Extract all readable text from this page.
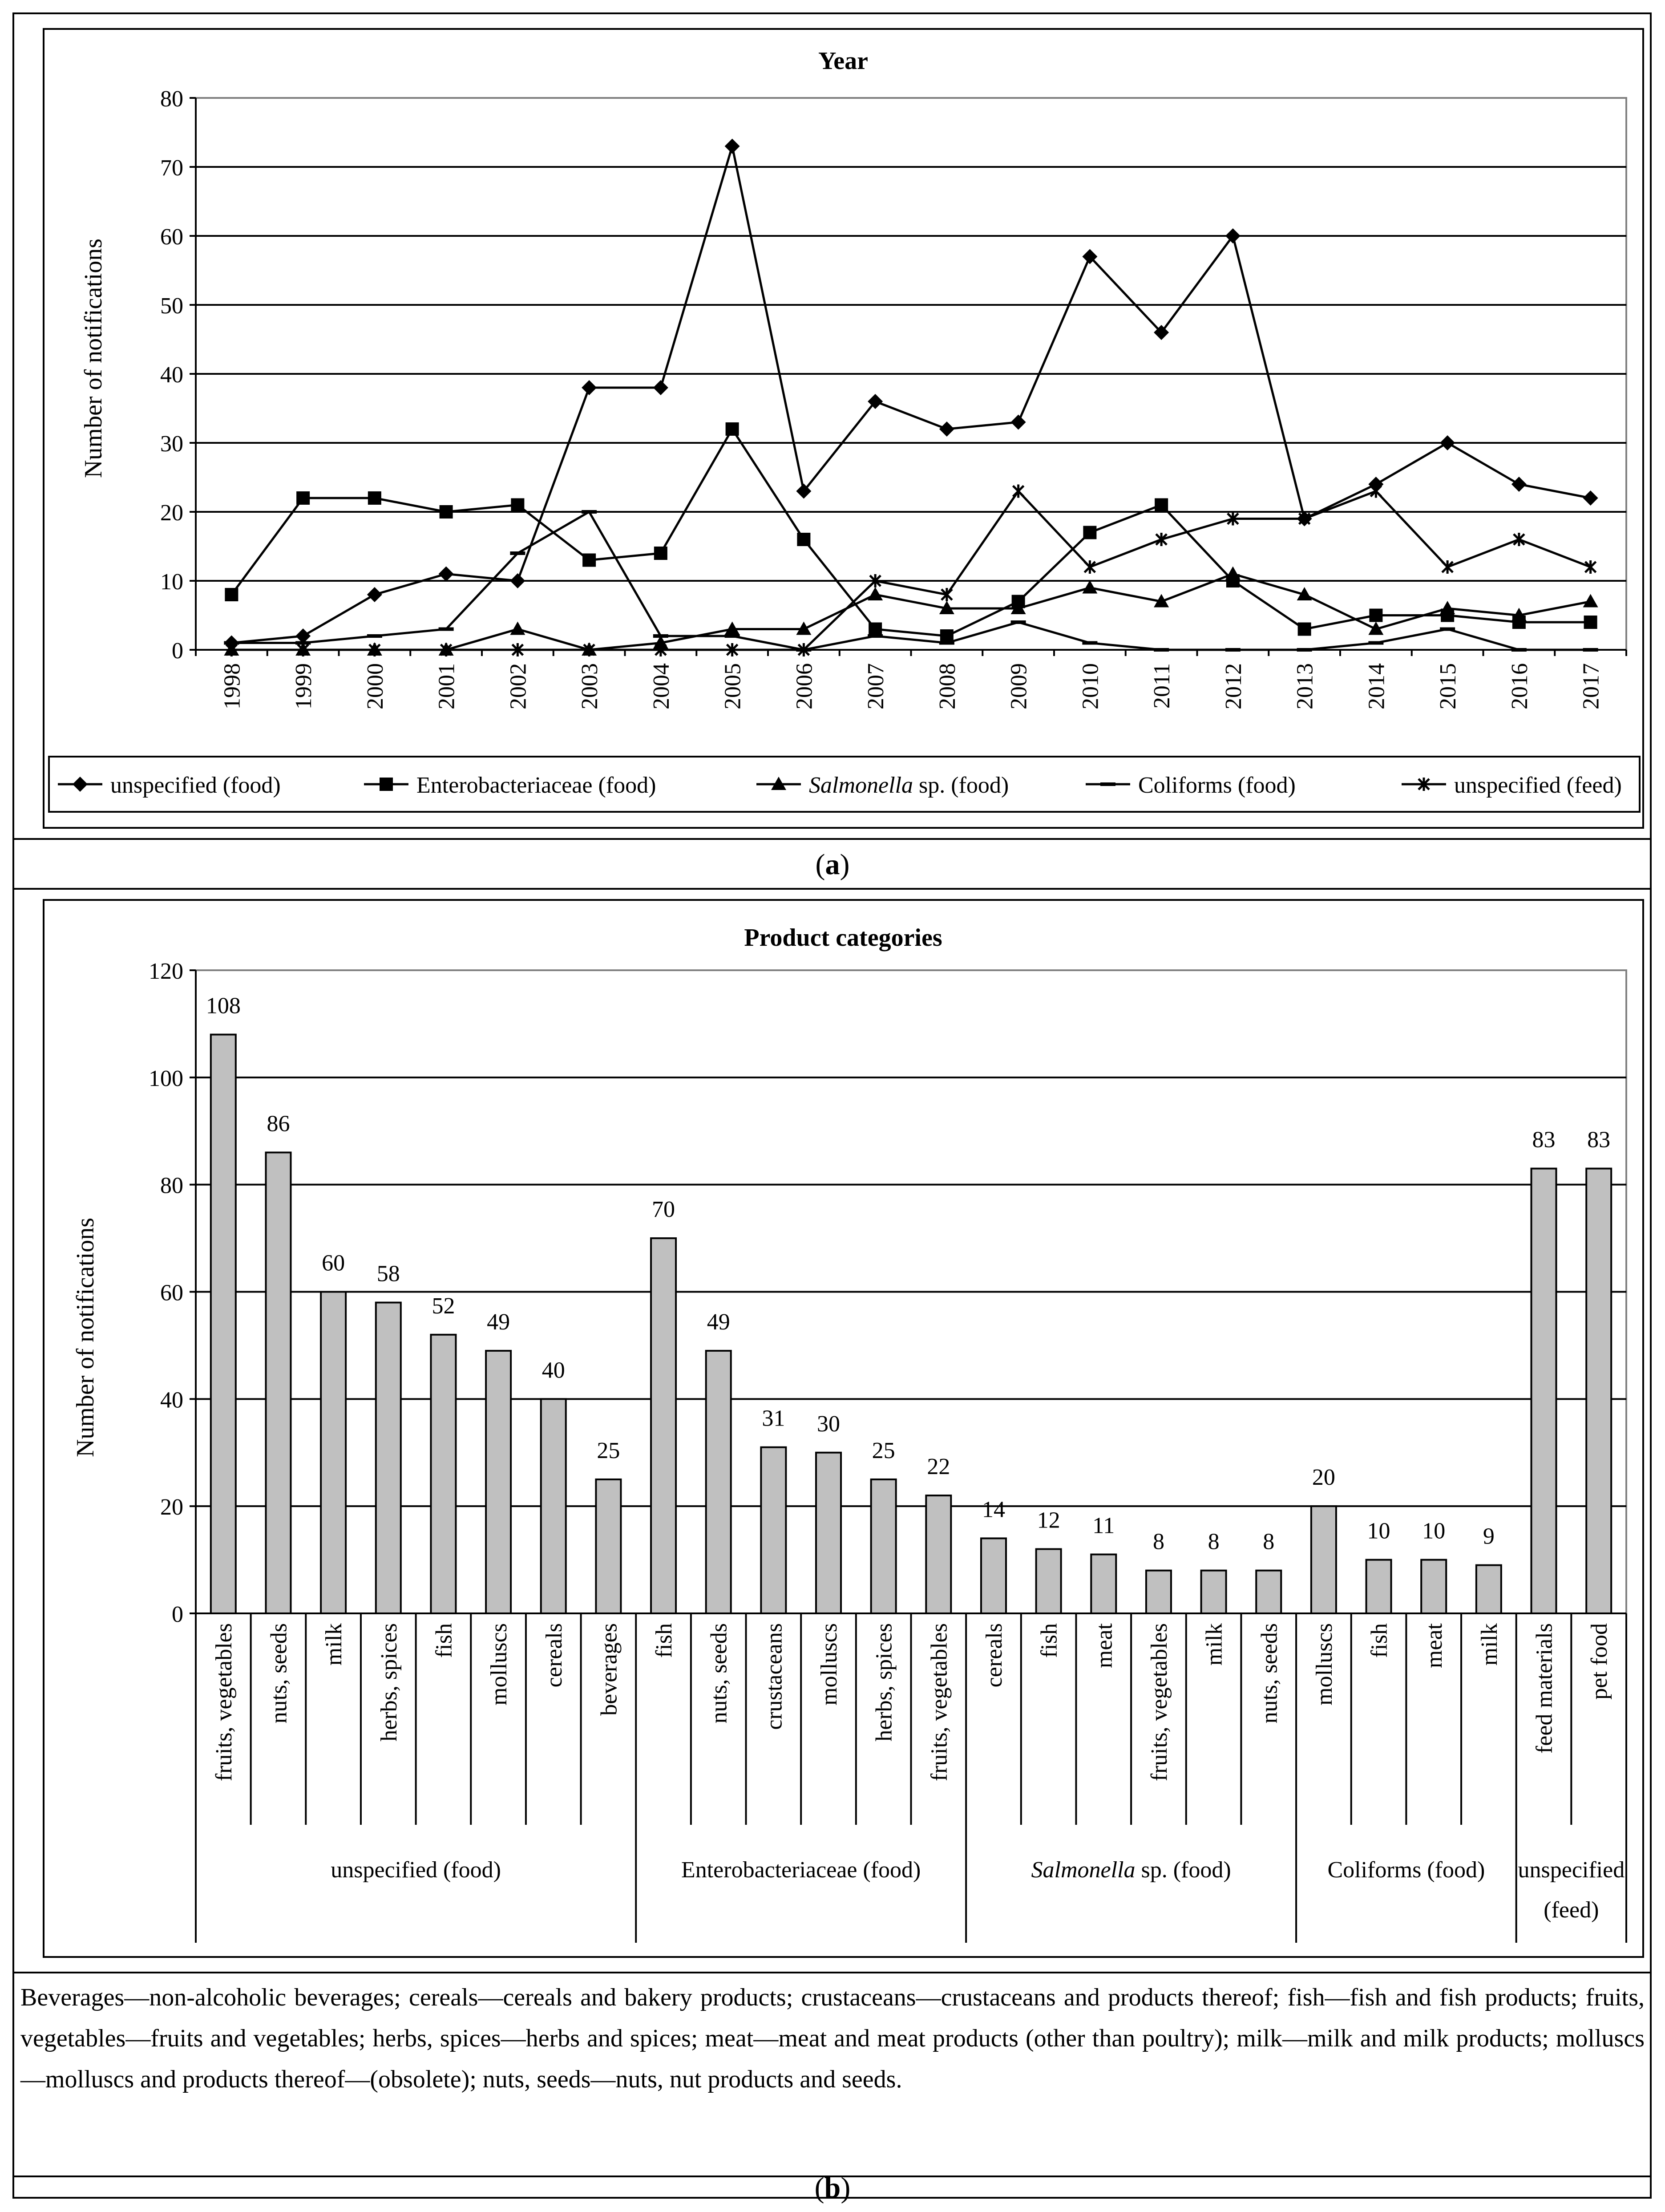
Year
Number of notifications
0
10
20
30
40
50
60
70
80
1998 1999 2000 2001 2002 2003 2004 2005 2006 2007 2008 2009 2010 2011 2012 2013 2014 2015 2016 2017
unspecified (food)	Enterobacteriaceae (food)	Salmonella sp. (food)	Coliforms (food)	unspecified (feed)
Product categories
Number of notifications
0
20
40
60
80
100
120
108
86
60 58
52
49
40
25
70
49
31 30
25
22
14 12 11
8 8 8
20
10 10 9
83 83
fruits, vegetables nuts, seeds milk herbs, spices fish molluscs cereals beverages fish nuts, seeds crustaceans molluscs herbs, spices fruits, vegetables cereals fish meat fruits, vegetables milk nuts, seeds molluscs fish meat milk feed materials pet food
unspecified (food)	Enterobacteriaceae (food)	Salmonella sp. (food)	Coliforms (food) unspecified
(feed)
(a)
Beverages—non-alcoholic beverages; cereals—cereals and bakery products; crustaceans—crustaceans and products thereof; fish—fish and fish products; fruits, vegetables—fruits and vegetables; herbs, spices—herbs and spices; meat—meat and meat products (other than poultry); milk—milk and milk products; molluscs—molluscs and products thereof—(obsolete); nuts, seeds—nuts, nut products and seeds.
(b)
